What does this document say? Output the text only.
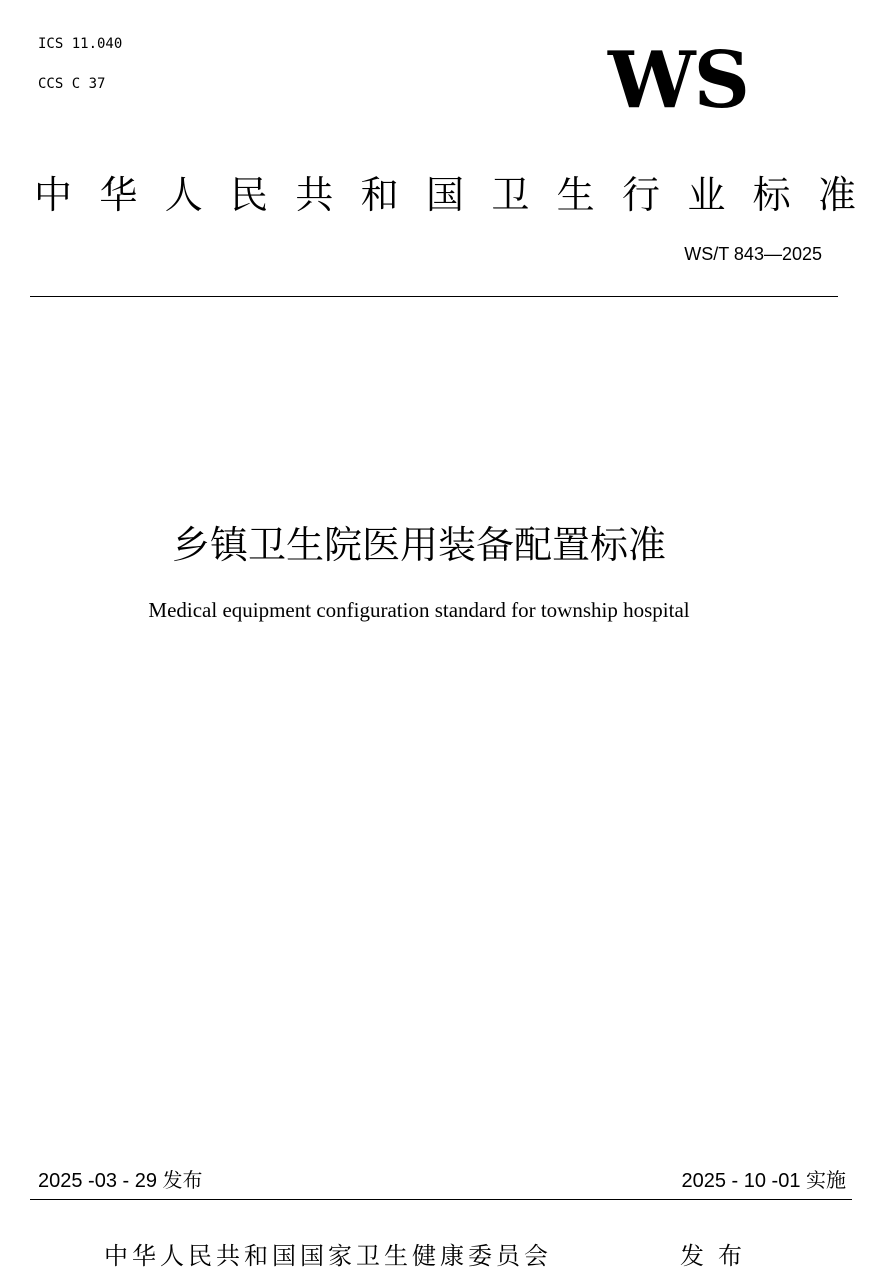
ICS 11.040
CCS C 37	WS
中华人民共和国卫生行业标准
WS/T 843—2025
乡镇卫生院医用装备配置标准
Medical equipment configuration standard for township hospital
2025 -03 - 29 发布	2025 - 10 -01 实施
中华人民共和国国家卫生健康委员会	发布
